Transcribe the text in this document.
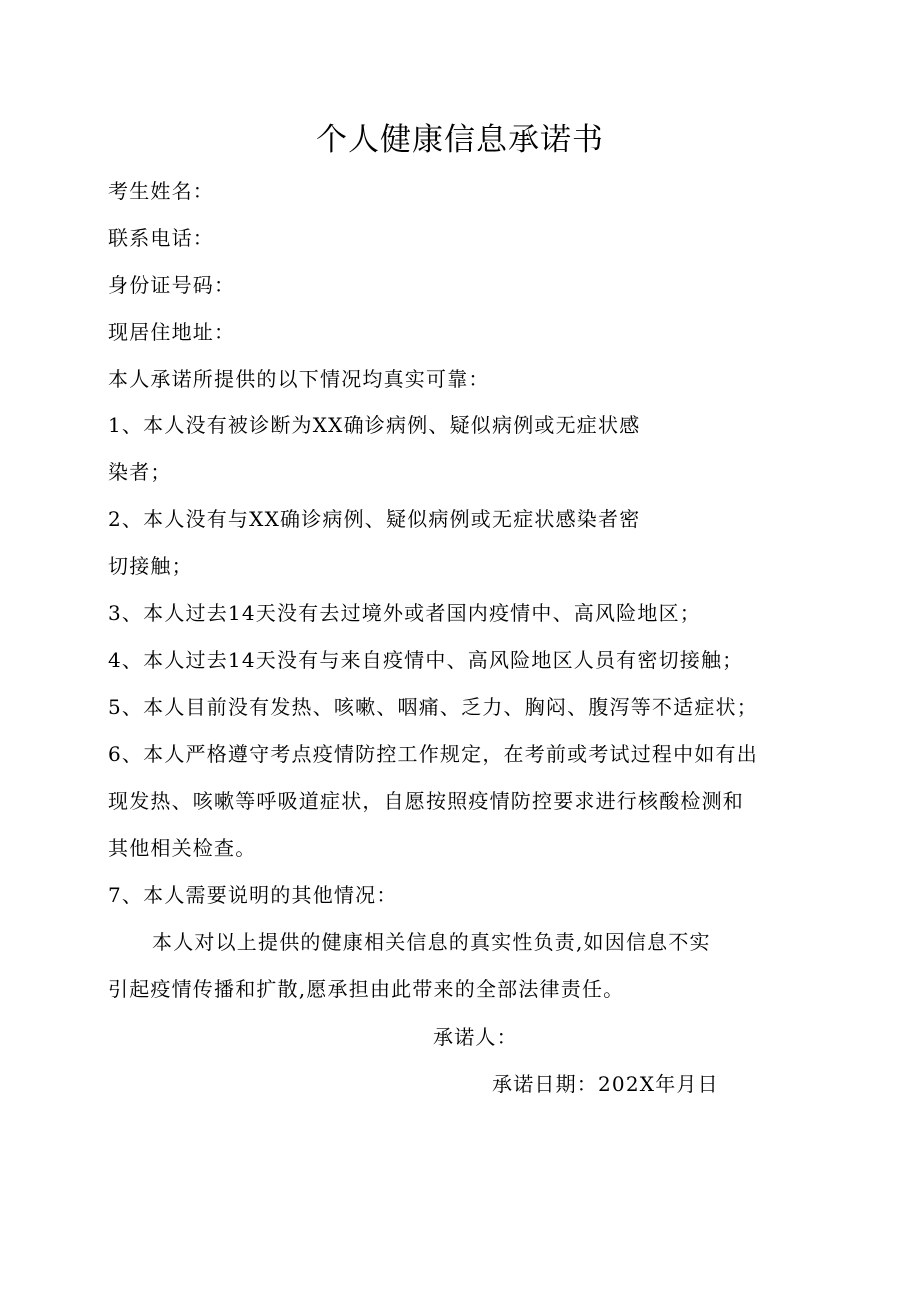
个人健康信息承诺书
考生姓名：
联系电话：
身份证号码：
现居住地址：
本人承诺所提供的以下情况均真实可靠：
1、本人没有被诊断为XX确诊病例、疑似病例或无症状感
染者；
2、本人没有与XX确诊病例、疑似病例或无症状感染者密
切接触；
3、本人过去14天没有去过境外或者国内疫情中、高风险地区；
4、本人过去14天没有与来自疫情中、高风险地区人员有密切接触；
5、本人目前没有发热、咳嗽、咽痛、乏力、胸闷、腹泻等不适症状；
6、本人严格遵守考点疫情防控工作规定，在考前或考试过程中如有出
现发热、咳嗽等呼吸道症状，自愿按照疫情防控要求进行核酸检测和
其他相关检查。
7、本人需要说明的其他情况：
本人对以上提供的健康相关信息的真实性负责,如因信息不实
引起疫情传播和扩散,愿承担由此带来的全部法律责任。
承诺人：
承诺日期：202X年月日
